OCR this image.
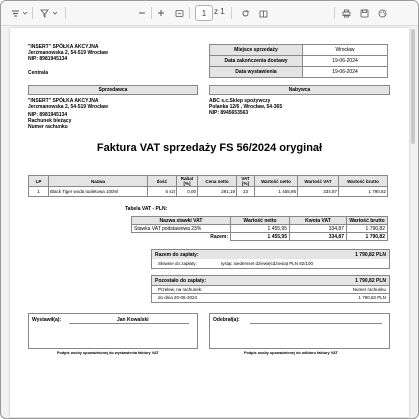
1 z 1
"INSERT" SPÓŁKA AKCYJNA
Jerzmanowska 2, 54-519 Wrocław
NIP: 8981945134
Centrala
Miejsce sprzedaży	Wrocław
Data zakończenia dostawy	19-06-2024
Data wystawienia	19-06-2024
Sprzedawca	Nabywca
"INSERT" SPÓŁKA AKCYJNA
Jerzmanowska 2, 54-519 Wrocław
NIP: 8981945134
Rachunek bieżący
Numer rachunku
ABC s.c.Sklep spożywczy
Polanka 12/6 , Wrocław, 54-365
NIP: 8945653563
Faktura VAT sprzedaży FS 56/2024 oryginał
LP	Nazwa	Ilość	Rabat [%]	Cena netto	VAT [%]	Wartość netto	Wartość VAT	Wartość brutto
1	Black Tiger woda toaletowa 100ml	5 szt	0,00	291,19	23	1 455,95	334,87	1 790,82
Tabela VAT - PLN:
Nazwa stawki VAT	Wartość netto	Kwota VAT	Wartość brutto
Stawka VAT podstawowa 23%	1 455,95	334,87	1 790,82
Razem:	1 455,95	334,87	1 790,82
Razem do zapłaty:	1 790,82 PLN
Słownie do zapłaty:	tysiąc siedemset dziewięćdziesiąt PLN 82/100
Pozostało do zapłaty:	1 790,82 PLN
Przelew, na rachunek:	Numer rachunku
do dnia 20-06-2024	1 790,82 PLN
Wystawił(a):	Jan Kowalski	Odebrał(a):
Podpis osoby upoważnionej do wystawienia faktury VAT	Podpis osoby upoważnionej do odbioru faktury VAT
